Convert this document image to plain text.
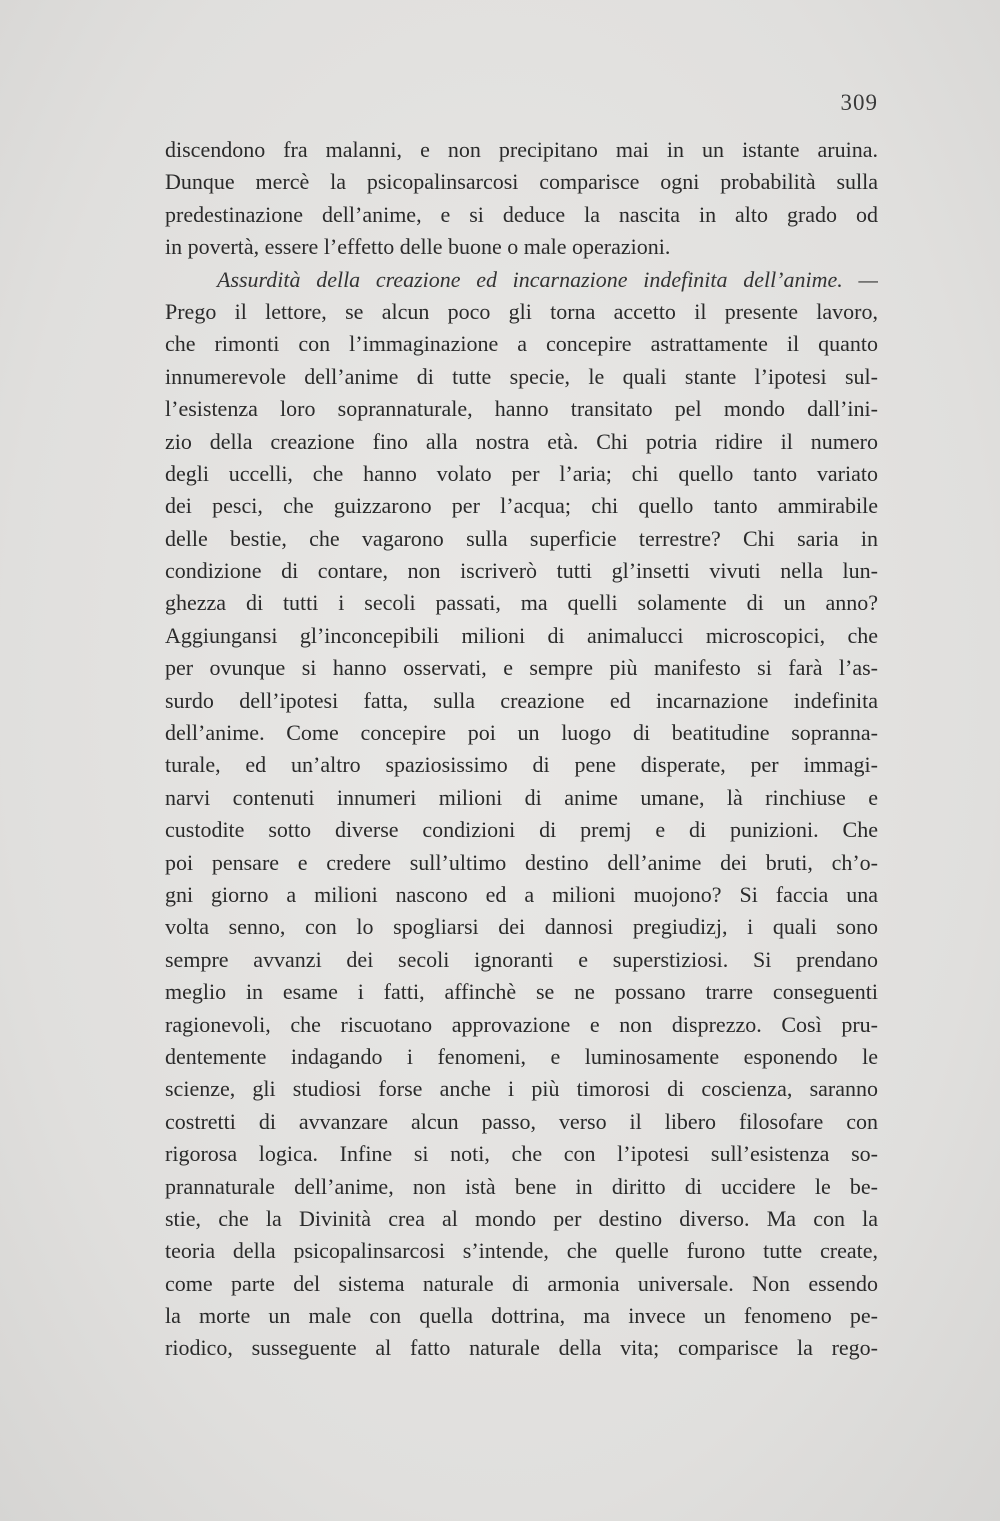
309
discendono fra malanni, e non precipitano mai in un istante aruina.
Dunque mercè la psicopalinsarcosi comparisce ogni probabilità sulla
predestinazione dell’anime, e si deduce la nascita in alto grado od
in povertà, essere l’effetto delle buone o male operazioni.
Assurdità della creazione ed incarnazione indefinita dell’anime. —
Prego il lettore, se alcun poco gli torna accetto il presente lavoro,
che rimonti con l’immaginazione a concepire astrattamente il quanto
innumerevole dell’anime di tutte specie, le quali stante l’ipotesi sul-
l’esistenza loro soprannaturale, hanno transitato pel mondo dall’ini-
zio della creazione fino alla nostra età. Chi potria ridire il numero
degli uccelli, che hanno volato per l’aria; chi quello tanto variato
dei pesci, che guizzarono per l’acqua; chi quello tanto ammirabile
delle bestie, che vagarono sulla superficie terrestre? Chi saria in
condizione di contare, non iscriverò tutti gl’insetti vivuti nella lun-
ghezza di tutti i secoli passati, ma quelli solamente di un anno?
Aggiungansi gl’inconcepibili milioni di animalucci microscopici, che
per ovunque si hanno osservati, e sempre più manifesto si farà l’as-
surdo dell’ipotesi fatta, sulla creazione ed incarnazione indefinita
dell’anime. Come concepire poi un luogo di beatitudine sopranna-
turale, ed un’altro spaziosissimo di pene disperate, per immagi-
narvi contenuti innumeri milioni di anime umane, là rinchiuse e
custodite sotto diverse condizioni di premj e di punizioni. Che
poi pensare e credere sull’ultimo destino dell’anime dei bruti, ch’o-
gni giorno a milioni nascono ed a milioni muojono? Si faccia una
volta senno, con lo spogliarsi dei dannosi pregiudizj, i quali sono
sempre avvanzi dei secoli ignoranti e superstiziosi. Si prendano
meglio in esame i fatti, affinchè se ne possano trarre conseguenti
ragionevoli, che riscuotano approvazione e non disprezzo. Così pru-
dentemente indagando i fenomeni, e luminosamente esponendo le
scienze, gli studiosi forse anche i più timorosi di coscienza, saranno
costretti di avvanzare alcun passo, verso il libero filosofare con
rigorosa logica. Infine si noti, che con l’ipotesi sull’esistenza so-
prannaturale dell’anime, non istà bene in diritto di uccidere le be-
stie, che la Divinità crea al mondo per destino diverso. Ma con la
teoria della psicopalinsarcosi s’intende, che quelle furono tutte create,
come parte del sistema naturale di armonia universale. Non essendo
la morte un male con quella dottrina, ma invece un fenomeno pe-
riodico, susseguente al fatto naturale della vita; comparisce la rego-
